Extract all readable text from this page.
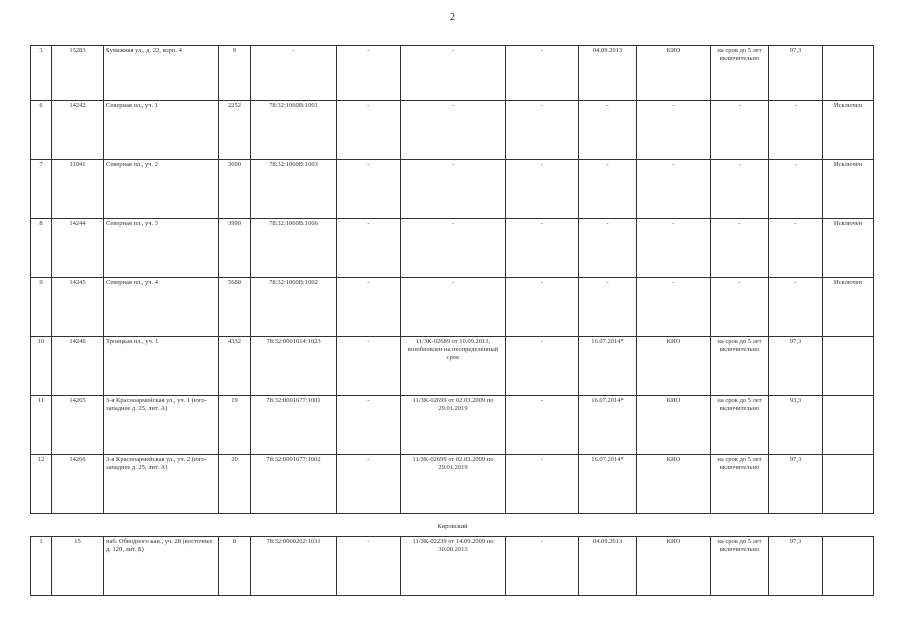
2
3	15283	Бумажная ул., д. 22, корп. 4	9	-	-	-	-	04.09.2013	КИО	на срок до 5 лет включительно	97,3	
6	14242	Северная пл., уч. 1	2252	78:32:1060В:1001	-	-	-	-	-	-	-	Исключен
7	11041	Северная пл., уч. 2	3690	78:32:1060В:1003	-	-	-	-	-	-	-	Исключен
8	14244	Северная пл., уч. 3	3999	78:32:1060В:1006	-	-	-	-	-	-	-	Исключен
9	14245	Северная пл., уч. 4	5680	78:32:1060В:1002	-	-	-	-	-	-	-	Исключен
10	14246	Троицкая пл., уч. 1	4332	78:32:0001614:1023	-	11/ЗК-02689 от 10.09.2013, возобновлен на неопределенный срок	-	16.07.2014*	КИО	на срок до 5 лет включительно	97,3	
11	14265	3-я Красноармейская ул., уч. 1 (юго-западнее д. 25, лит. А)	19	78:32:0001677:1001	-	11/ЗК-02699 от 02.03.2009 по 29.01.2019	-	16.07.2014*	КИО	на срок до 5 лет включительно	93,3	
12	14266	3-я Красноармейская ул., уч. 2 (юго-западнее д. 25, лит. А)	20	78:32:0001677:1002	-	11/ЗК-02699 от 02.03.2009 по 29.01.2019	-	16.07.2014*	КИО	на срок до 5 лет включительно	97,3	
Кировский
1	15	наб. Обводного кан., уч. 28 (восточнее д. 120, лит. Б)	8	78:32:0000202:1031	-	11/ЗК-02239 от 14.09.2009 по 30.08.2013	-	04.09.2013	КИО	на срок до 5 лет включительно	97,3	
